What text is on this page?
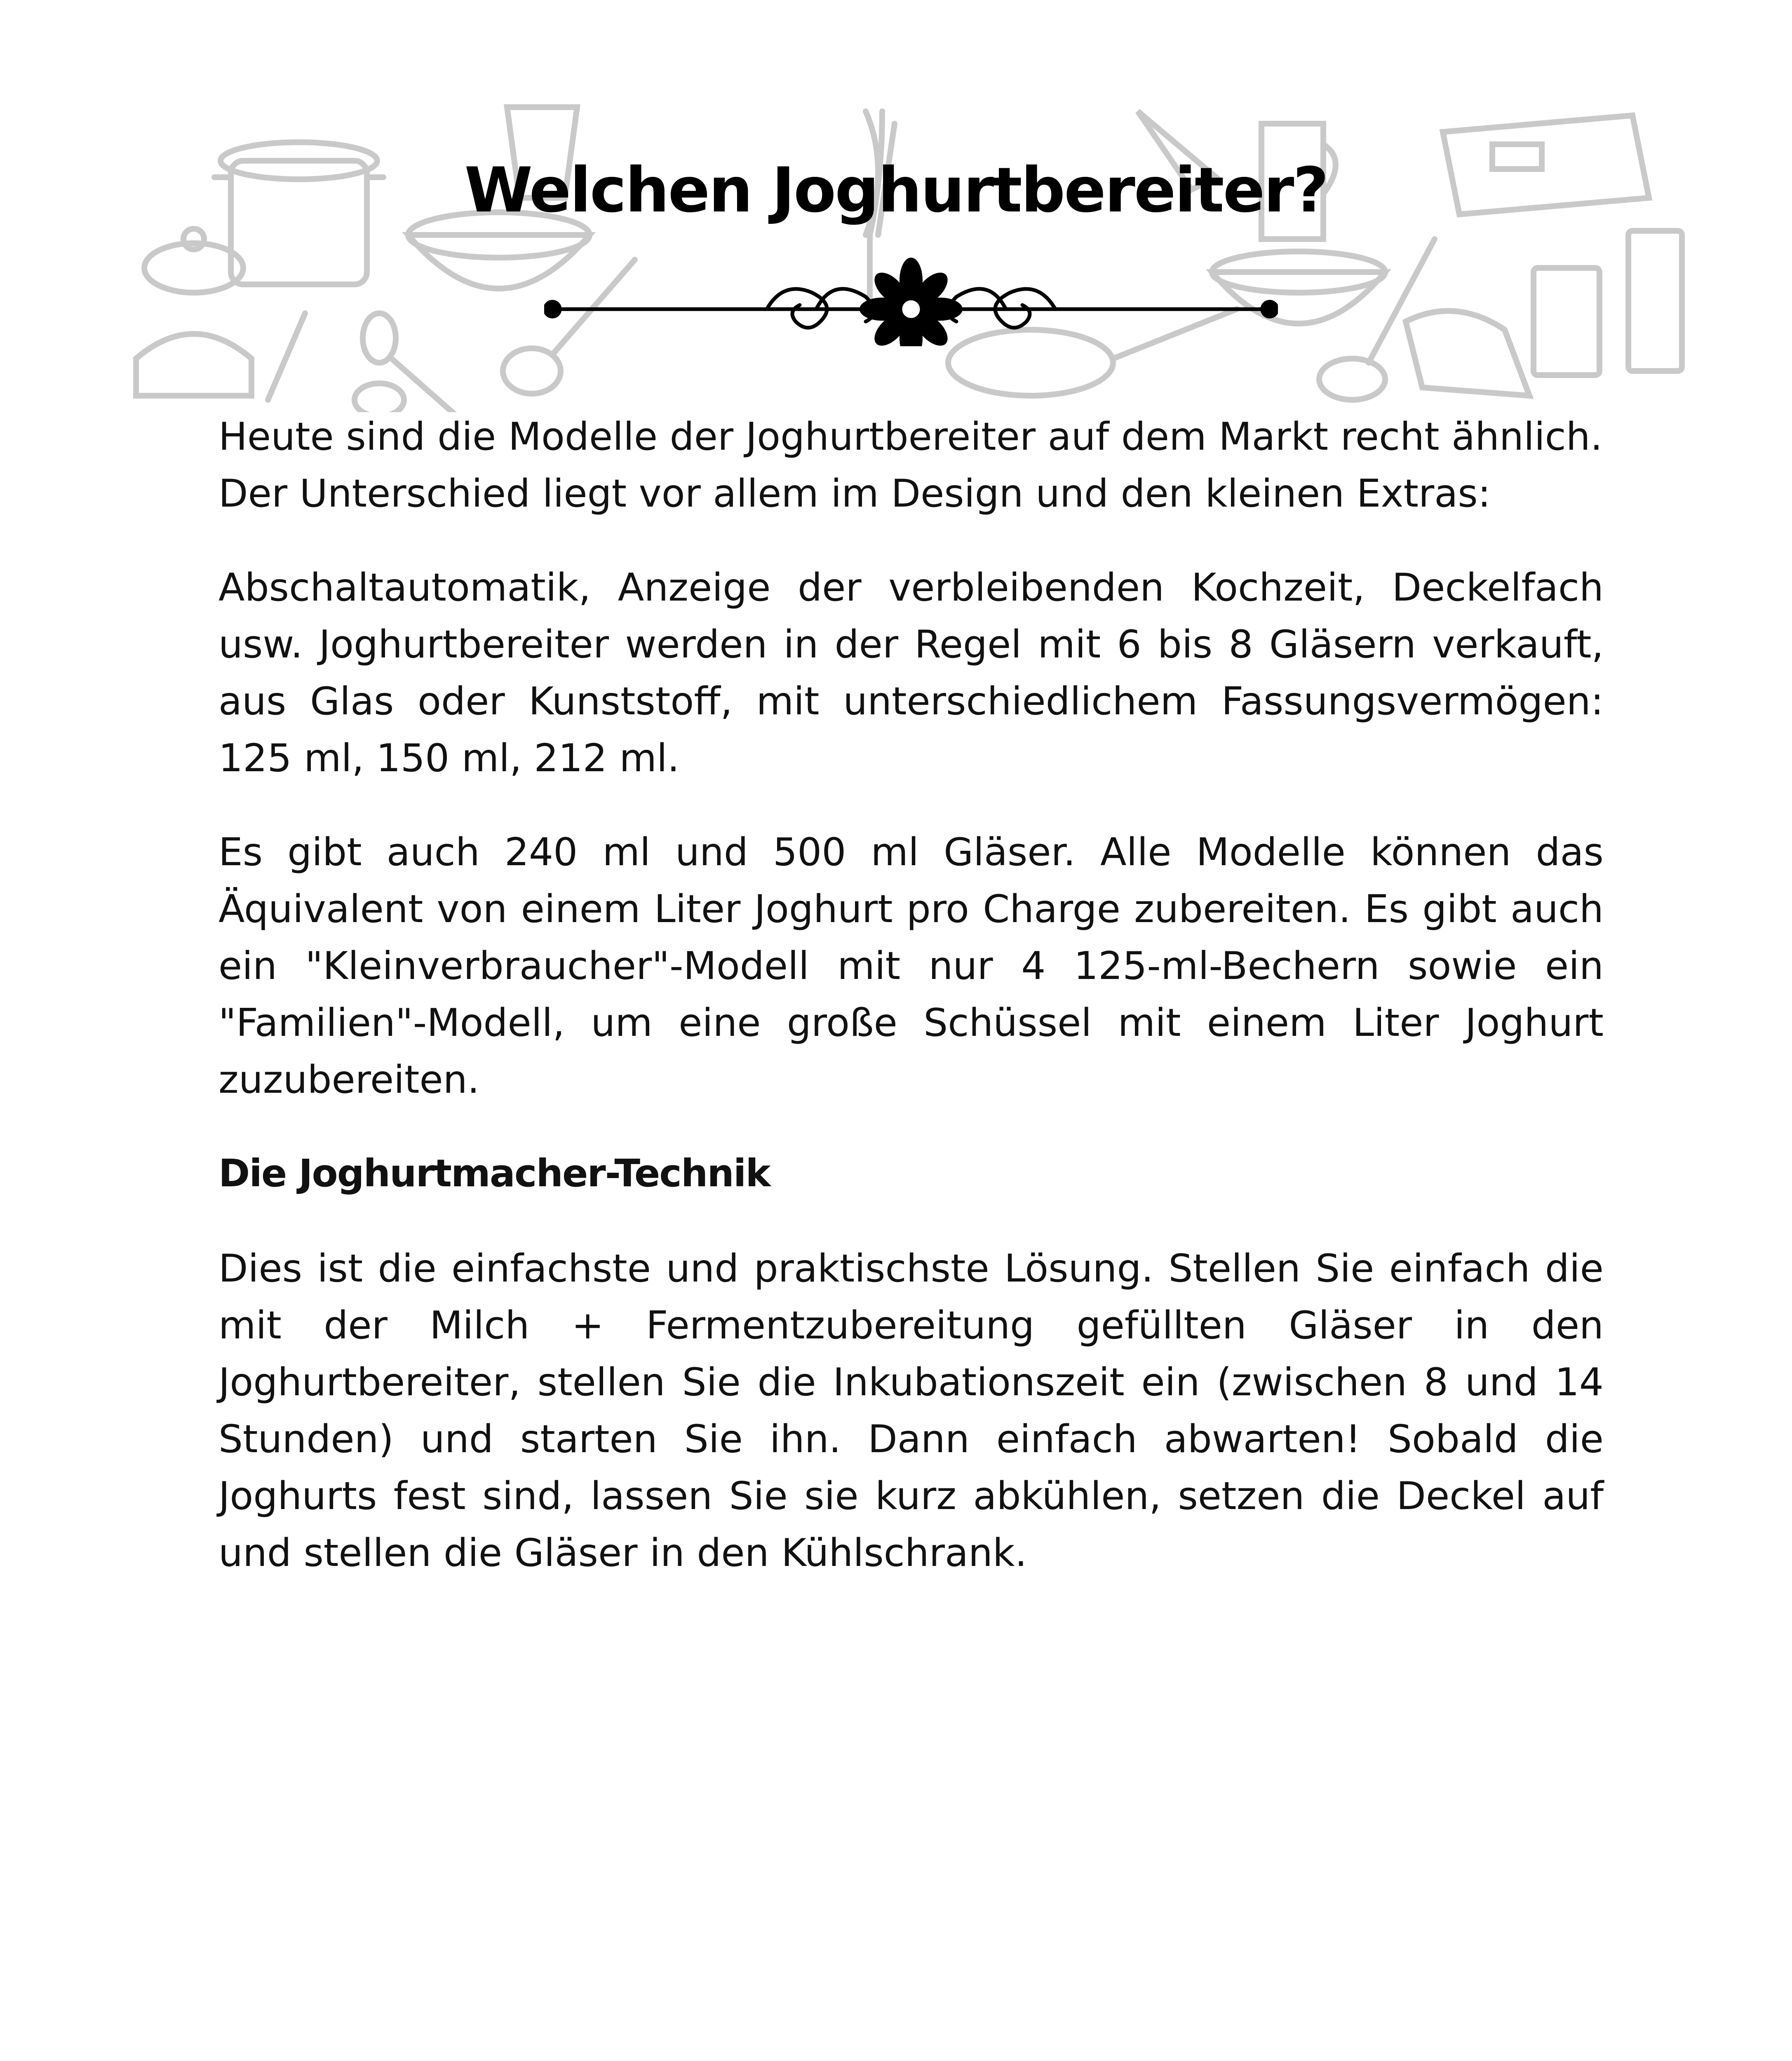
Welchen Joghurtbereiter?

Heute sind die Modelle der Joghurtbereiter auf dem Markt recht ähnlich. Der Unterschied liegt vor allem im Design und den kleinen Extras:

Abschaltautomatik, Anzeige der verbleibenden Kochzeit, Deckelfach usw. Joghurtbereiter werden in der Regel mit 6 bis 8 Gläsern verkauft, aus Glas oder Kunststoff, mit unterschiedlichem Fassungsvermögen: 125 ml, 150 ml, 212 ml.

Es gibt auch 240 ml und 500 ml Gläser. Alle Modelle können das Äquivalent von einem Liter Joghurt pro Charge zubereiten. Es gibt auch ein "Kleinverbraucher"-Modell mit nur 4 125-ml-Bechern sowie ein "Familien"-Modell, um eine große Schüssel mit einem Liter Joghurt zuzubereiten.

Die Joghurtmacher-Technik

Dies ist die einfachste und praktischste Lösung. Stellen Sie einfach die mit der Milch + Fermentzubereitung gefüllten Gläser in den Joghurtbereiter, stellen Sie die Inkubationszeit ein (zwischen 8 und 14 Stunden) und starten Sie ihn. Dann einfach abwarten! Sobald die Joghurts fest sind, lassen Sie sie kurz abkühlen, setzen die Deckel auf und stellen die Gläser in den Kühlschrank.
